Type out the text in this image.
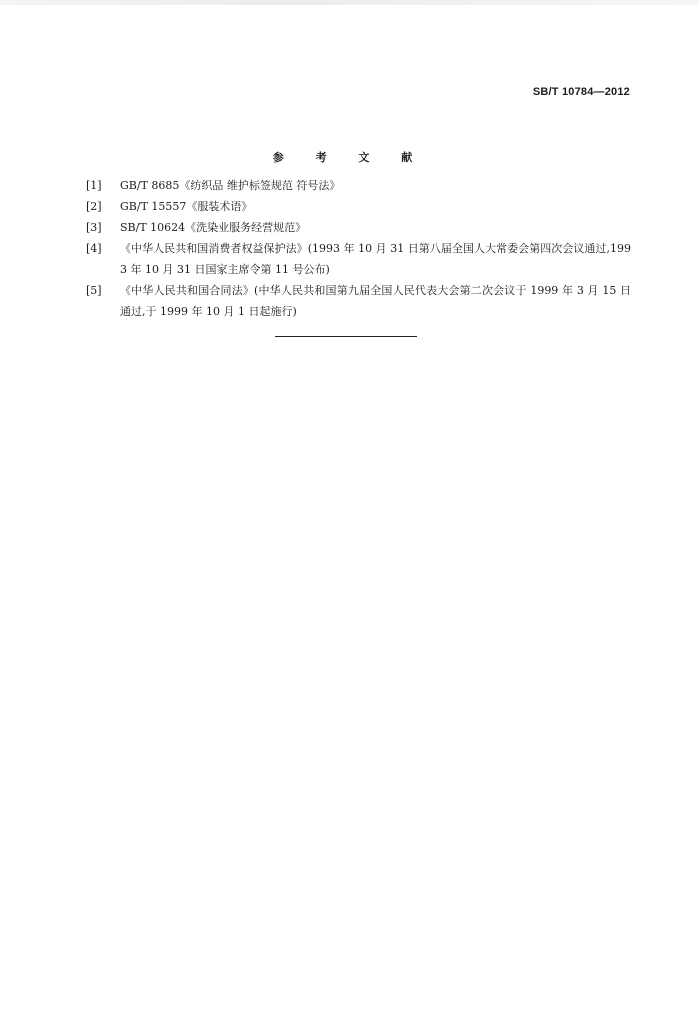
SB/T 10784—2012
参 考 文 献
[1]	GB/T 8685《纺织品 维护标签规范 符号法》
[2]	GB/T 15557《服装术语》
[3]	SB/T 10624《洗染业服务经营规范》
[4]	《中华人民共和国消费者权益保护法》(1993 年 10 月 31 日第八届全国人大常委会第四次会议通过,1993 年 10 月 31 日国家主席令第 11 号公布)
[5]	《中华人民共和国合同法》(中华人民共和国第九届全国人民代表大会第二次会议于 1999 年 3 月 15 日通过,于 1999 年 10 月 1 日起施行)
